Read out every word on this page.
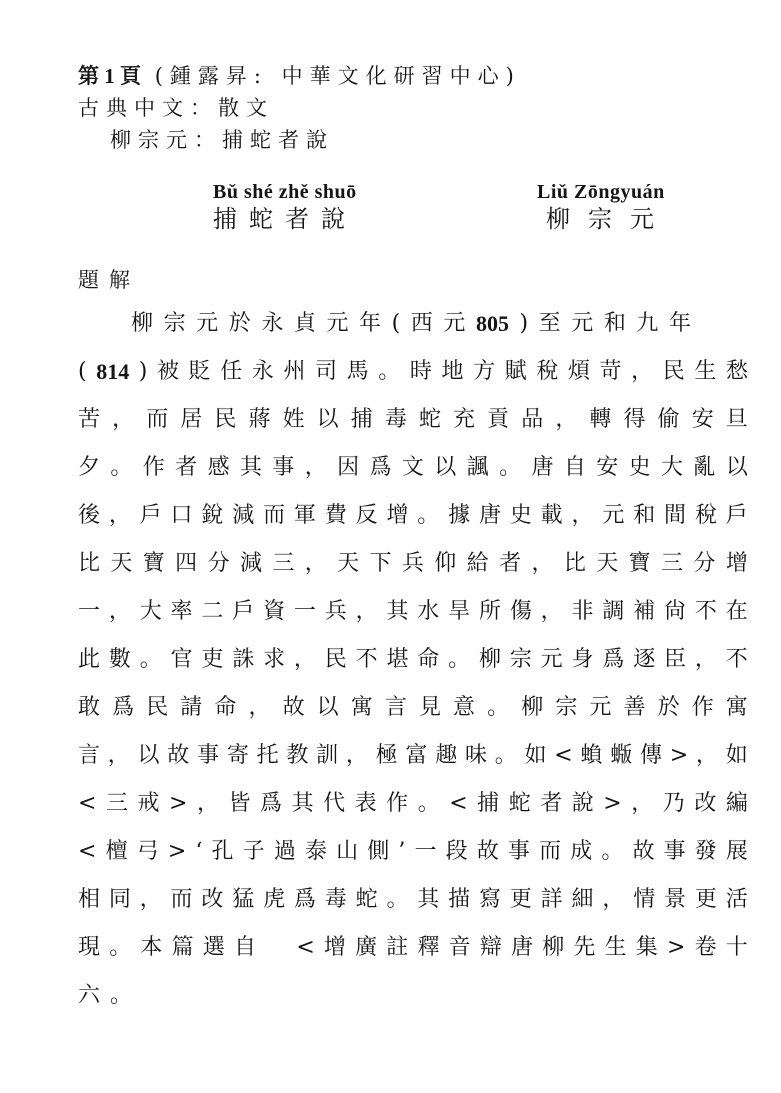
第 1 頁 (鍾露昇: 中華文化研習中心)
古典中文：散文
柳宗元：捕蛇者說
Bǔ shé zhě shuō
捕蛇者說
Liǔ Zōngyuán
柳宗元
題解
柳 宗 元 於 永 貞 元 年 ( 西 元 805 ) 至 元 和 九 年
( 814 ) 被 貶 任 永 州 司 馬 。 時 地 方 賦 稅 煩 苛 ， 民 生 愁
苦 ， 而 居 民 蔣 姓 以 捕 毒 蛇 充 貢 品 ， 轉 得 偷 安 旦
夕 。 作 者 感 其 事 ， 因 爲 文 以 諷 。 唐 自 安 史 大 亂 以
後 ， 戶 口 銳 減 而 軍 費 反 增 。 據 唐 史 載 ， 元 和 間 稅 戶
比 天 寶 四 分 減 三 ， 天 下 兵 仰 給 者 ， 比 天 寶 三 分 增
一 ， 大 率 二 戶 資 一 兵 ， 其 水 旱 所 傷 ， 非 調 補 尙 不 在
此 數 。 官 吏 誅 求 ， 民 不 堪 命 。 柳 宗 元 身 爲 逐 臣 ， 不
敢 爲 民 請 命 ， 故 以 寓 言 見 意 。 柳 宗 元 善 於 作 寓
言 ， 以 故 事 寄 托 教 訓 ， 極 富 趣 味 。 如 < 蝜 蝂 傳 > ， 如
< 三 戒 > ， 皆 爲 其 代 表 作 。 < 捕 蛇 者 說 > ， 乃 改 編
< 檀 弓 > ‘ 孔 子 過 泰 山 側 ’ 一 段 故 事 而 成 。 故 事 發 展
相 同 ， 而 改 猛 虎 爲 毒 蛇 。 其 描 寫 更 詳 細 ， 情 景 更 活
現 。 本 篇 選 自
　 < 增 廣 註 釋 音 辯 唐 柳 先 生 集 > 卷 十
六 。
